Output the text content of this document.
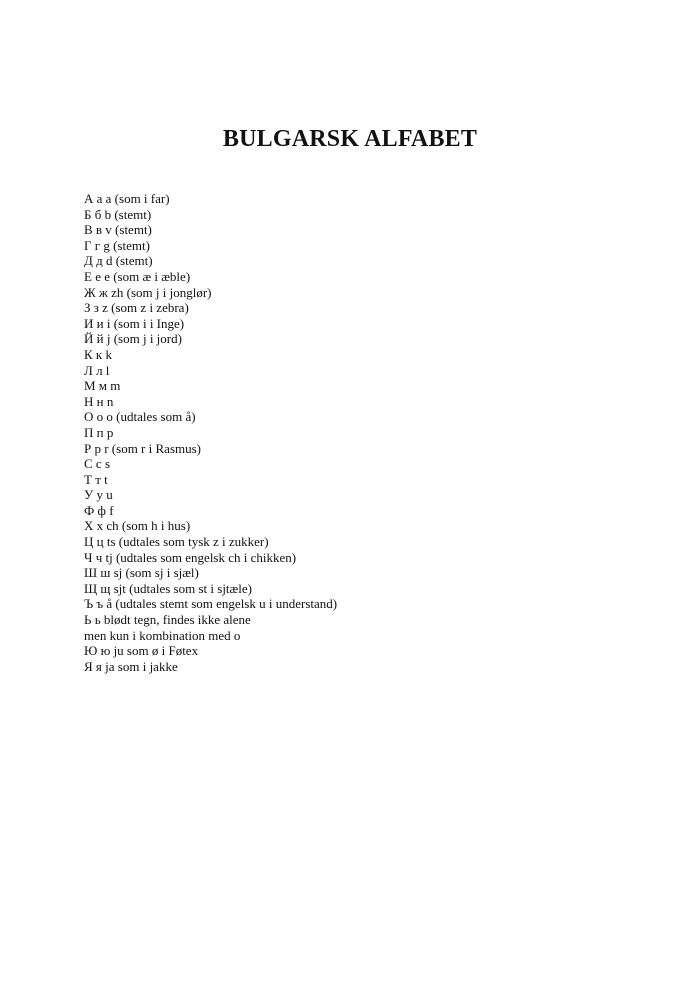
BULGARSK ALFABET
А а a (som i far)
Б б b (stemt)
В в v (stemt)
Г г g (stemt)
Д д d (stemt)
Е е e (som æ i æble)
Ж ж zh (som j i jonglør)
З з z (som z i zebra)
И и i (som i i Inge)
Й й j (som j i jord)
К к k
Л л l
М м m
Н н n
О о o (udtales som å)
П п p
Р р r (som r i Rasmus)
С с s
Т т t
У у u
Ф ф f
Х х ch (som h i hus)
Ц ц ts (udtales som tysk z i zukker)
Ч ч tj (udtales som engelsk ch i chikken)
Ш ш sj (som sj i sjæl)
Щ щ sjt (udtales som st i sjtæle)
Ъ ъ å (udtales stemt som engelsk u i understand)
Ь ь blødt tegn, findes ikke alene
men kun i kombination med o
Ю ю ju som ø i Føtex
Я я ja som i jakke
